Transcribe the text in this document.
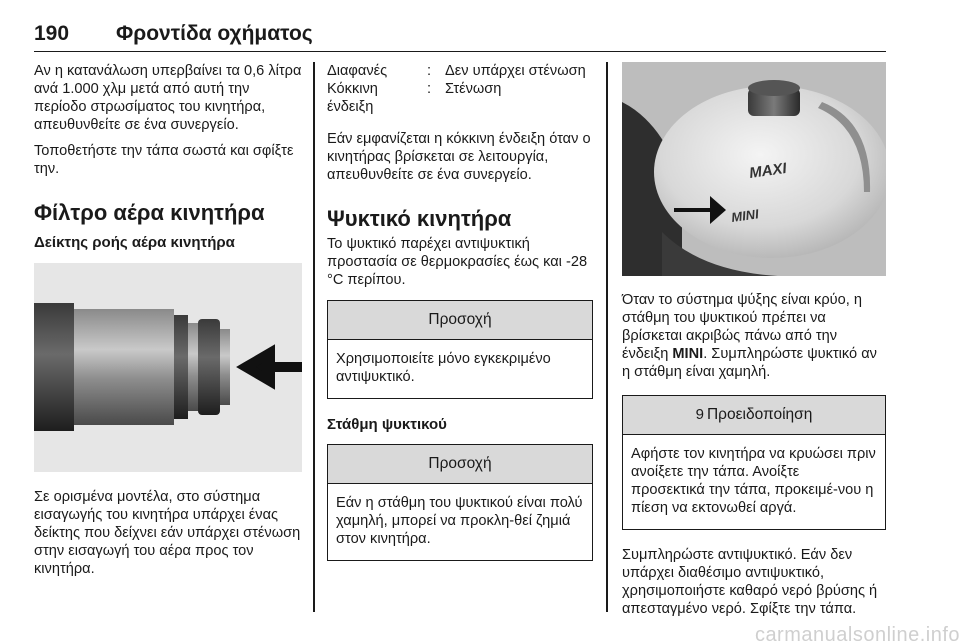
190 Φροντίδα οχήματος

Αν η κατανάλωση υπερβαίνει τα 0,6 λίτρα ανά 1.000 χλμ μετά από αυτή την περίοδο στρωσίματος του κινητήρα, απευθυνθείτε σε ένα συνεργείο.

Τοποθετήστε την τάπα σωστά και σφίξτε την.

Φίλτρο αέρα κινητήρα
Δείκτης ροής αέρα κινητήρα

Σε ορισμένα μοντέλα, στο σύστημα εισαγωγής του κινητήρα υπάρχει ένας δείκτης που δείχνει εάν υπάρχει στένωση στην εισαγωγή του αέρα προς τον κινητήρα.

Διαφανές	:	Δεν υπάρχει στένωση
Κόκκινη ένδειξη	:	Στένωση

Εάν εμφανίζεται η κόκκινη ένδειξη όταν ο κινητήρας βρίσκεται σε λειτουργία, απευθυνθείτε σε ένα συνεργείο.

Ψυκτικό κινητήρα

Το ψυκτικό παρέχει αντιψυκτική προστασία σε θερμοκρασίες έως και -28 °C περίπου.

Προσοχή
Χρησιμοποιείτε μόνο εγκεκριμένο αντιψυκτικό.
Στάθμη ψυκτικού
Προσοχή
Εάν η στάθμη του ψυκτικού είναι πολύ χαμηλή, μπορεί να προκλη-θεί ζημιά στον κινητήρα.
MAXI
MINI

Όταν το σύστημα ψύξης είναι κρύο, η στάθμη του ψυκτικού πρέπει να βρίσκεται ακριβώς πάνω από την ένδειξη MINI. Συμπληρώστε ψυκτικό αν η στάθμη είναι χαμηλή.

9 Προειδοποίηση
Αφήστε τον κινητήρα να κρυώσει πριν ανοίξετε την τάπα. Ανοίξτε προσεκτικά την τάπα, προκειμέ-νου η πίεση να εκτονωθεί αργά.

Συμπληρώστε αντιψυκτικό. Εάν δεν υπάρχει διαθέσιμο αντιψυκτικό, χρησιμοποιήστε καθαρό νερό βρύσης ή απεσταγμένο νερό. Σφίξτε την τάπα.

carmanualsonline.info
